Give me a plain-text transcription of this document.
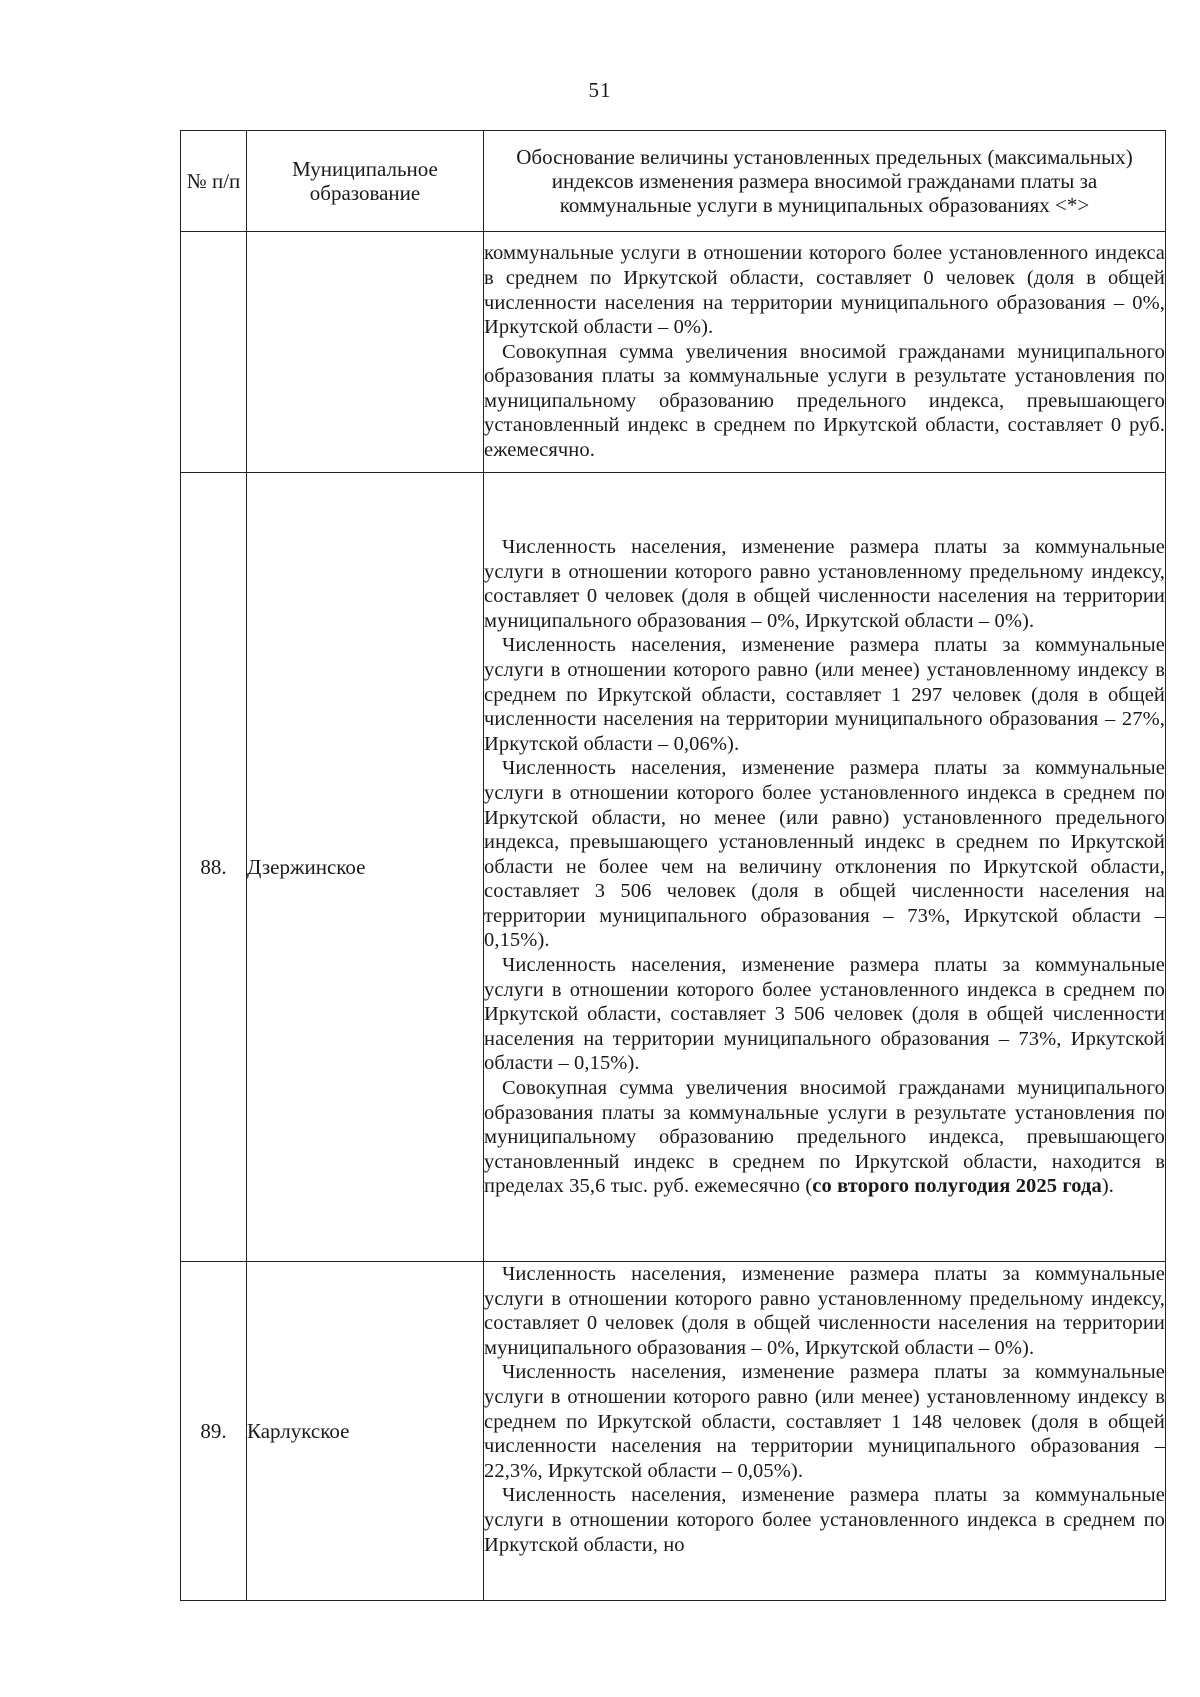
51
№ п/п	Муниципальное образование	Обоснование величины установленных предельных (максимальных) индексов изменения размера вносимой гражданами платы за коммунальные услуги в муниципальных образованиях <*>

		коммунальные услуги в отношении которого более установленного индекса в среднем по Иркутской области, составляет 0 человек (доля в общей численности населения на территории муниципального образования – 0%, Иркутской области – 0%).

Совокупная сумма увеличения вносимой гражданами муниципального образования платы за коммунальные услуги в результате установления по муниципальному образованию предельного индекса, превышающего установленный индекс в среднем по Иркутской области, составляет 0 руб. ежемесячно.

88.	Дзержинское	Численность населения, изменение размера платы за коммунальные услуги в отношении которого равно установленному предельному индексу, составляет 0 человек (доля в общей численности населения на территории муниципального образования – 0%, Иркутской области – 0%).

Численность населения, изменение размера платы за коммунальные услуги в отношении которого равно (или менее) установленному индексу в среднем по Иркутской области, составляет 1 297 человек (доля в общей численности населения на территории муниципального образования – 27%, Иркутской области – 0,06%).

Численность населения, изменение размера платы за коммунальные услуги в отношении которого более установленного индекса в среднем по Иркутской области, но менее (или равно) установленного предельного индекса, превышающего установленный индекс в среднем по Иркутской области не более чем на величину отклонения по Иркутской области, составляет 3 506 человек (доля в общей численности населения на территории муниципального образования – 73%, Иркутской области – 0,15%).

Численность населения, изменение размера платы за коммунальные услуги в отношении которого более установленного индекса в среднем по Иркутской области, составляет 3 506 человек (доля в общей численности населения на территории муниципального образования – 73%, Иркутской области – 0,15%).

Совокупная сумма увеличения вносимой гражданами муниципального образования платы за коммунальные услуги в результате установления по муниципальному образованию предельного индекса, превышающего установленный индекс в среднем по Иркутской области, находится в пределах 35,6 тыс. руб. ежемесячно (со второго полугодия 2025 года).

89.	Карлукское	Численность населения, изменение размера платы за коммунальные услуги в отношении которого равно установленному предельному индексу, составляет 0 человек (доля в общей численности населения на территории муниципального образования – 0%, Иркутской области – 0%).

Численность населения, изменение размера платы за коммунальные услуги в отношении которого равно (или менее) установленному индексу в среднем по Иркутской области, составляет 1 148 человек (доля в общей численности населения на территории муниципального образования – 22,3%, Иркутской области – 0,05%).

Численность населения, изменение размера платы за коммунальные услуги в отношении которого более установленного индекса в среднем по Иркутской области, но
